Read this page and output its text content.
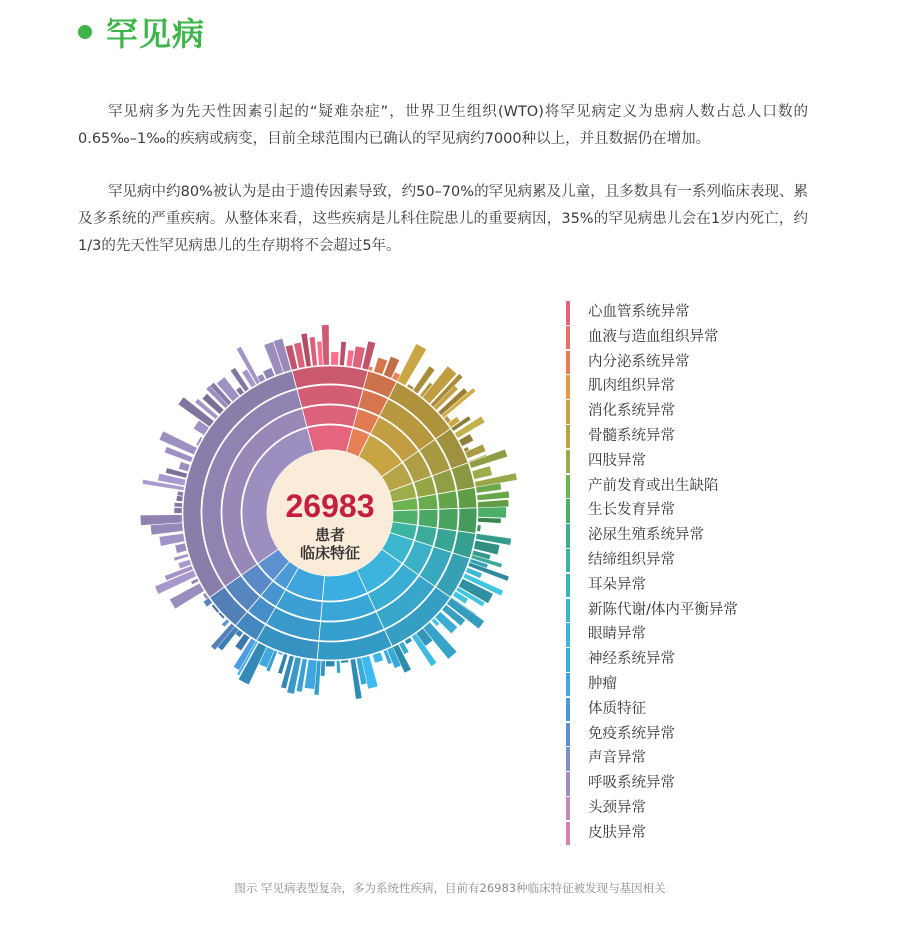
罕见病

罕见病多为先天性因素引起的“疑难杂症”，世界卫生组织(WTO)将罕见病定义为患病人数占总人口数的0.65‰–1‰的疾病或病变，目前全球范围内已确认的罕见病约7000种以上，并且数据仍在增加。

罕见病中约80%被认为是由于遗传因素导致，约50–70%的罕见病累及儿童，且多数具有一系列临床表现、累及多系统的严重疾病。从整体来看，这些疾病是儿科住院患儿的重要病因，35%的罕见病患儿会在1岁内死亡，约1/3的先天性罕见病患儿的生存期将不会超过5年。

26983
患者
临床特征
心血管系统异常
血液与造血组织异常
内分泌系统异常
肌肉组织异常
消化系统异常
骨髓系统异常
四肢异常
产前发育或出生缺陷
生长发育异常
泌尿生殖系统异常
结缔组织异常
耳朵异常
新陈代谢/体内平衡异常
眼睛异常
神经系统异常
肿瘤
体质特征
免疫系统异常
声音异常
呼吸系统异常
头颈异常
皮肤异常

图示 罕见病表型复杂，多为系统性疾病，目前有26983种临床特征被发现与基因相关
